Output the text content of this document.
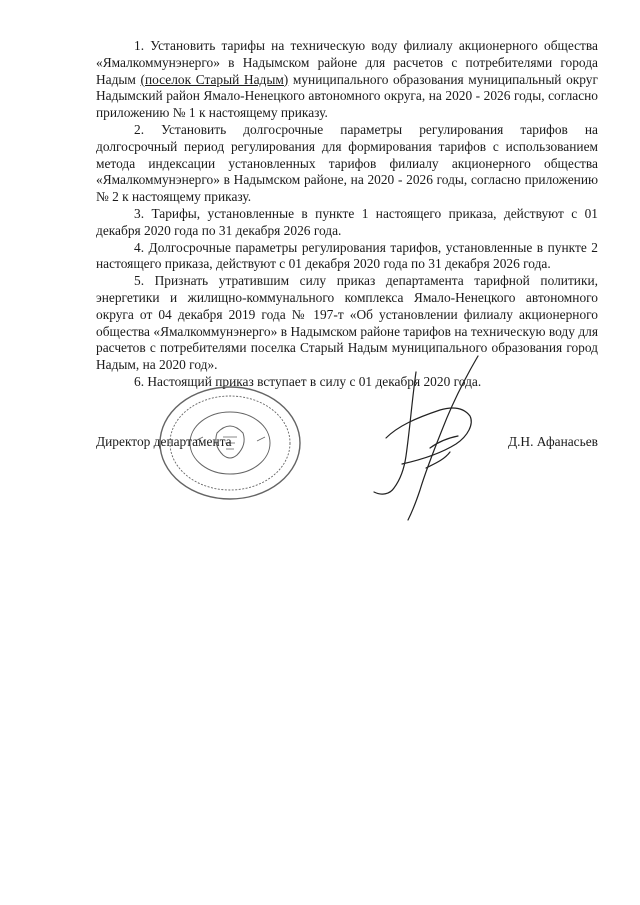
1. Установить тарифы на техническую воду филиалу акционерного общества «Ямалкоммунэнерго» в Надымском районе для расчетов с потребителями города Надым (поселок Старый Надым) муниципального образования муниципальный округ Надымский район Ямало-Ненецкого автономного округа, на 2020 - 2026 годы, согласно приложению № 1 к настоящему приказу.

2. Установить долгосрочные параметры регулирования тарифов на долгосрочный период регулирования для формирования тарифов с использованием метода индексации установленных тарифов филиалу акционерного общества «Ямалкоммунэнерго» в Надымском районе, на 2020 - 2026 годы, согласно приложению № 2 к настоящему приказу.

3. Тарифы, установленные в пункте 1 настоящего приказа, действуют с 01 декабря 2020 года по 31 декабря 2026 года.

4. Долгосрочные параметры регулирования тарифов, установленные в пункте 2 настоящего приказа, действуют с 01 декабря 2020 года по 31 декабря 2026 года.

5. Признать утратившим силу приказ департамента тарифной политики, энергетики и жилищно-коммунального комплекса Ямало-Ненецкого автономного округа от 04 декабря 2019 года № 197-т «Об установлении филиалу акционерного общества «Ямалкоммунэнерго» в Надымском районе тарифов на техническую воду для расчетов с потребителями поселка Старый Надым муниципального образования город Надым, на 2020 год».

6. Настоящий приказ вступает в силу с 01 декабря 2020 года.

Директор департамента	Д.Н. Афанасьев
